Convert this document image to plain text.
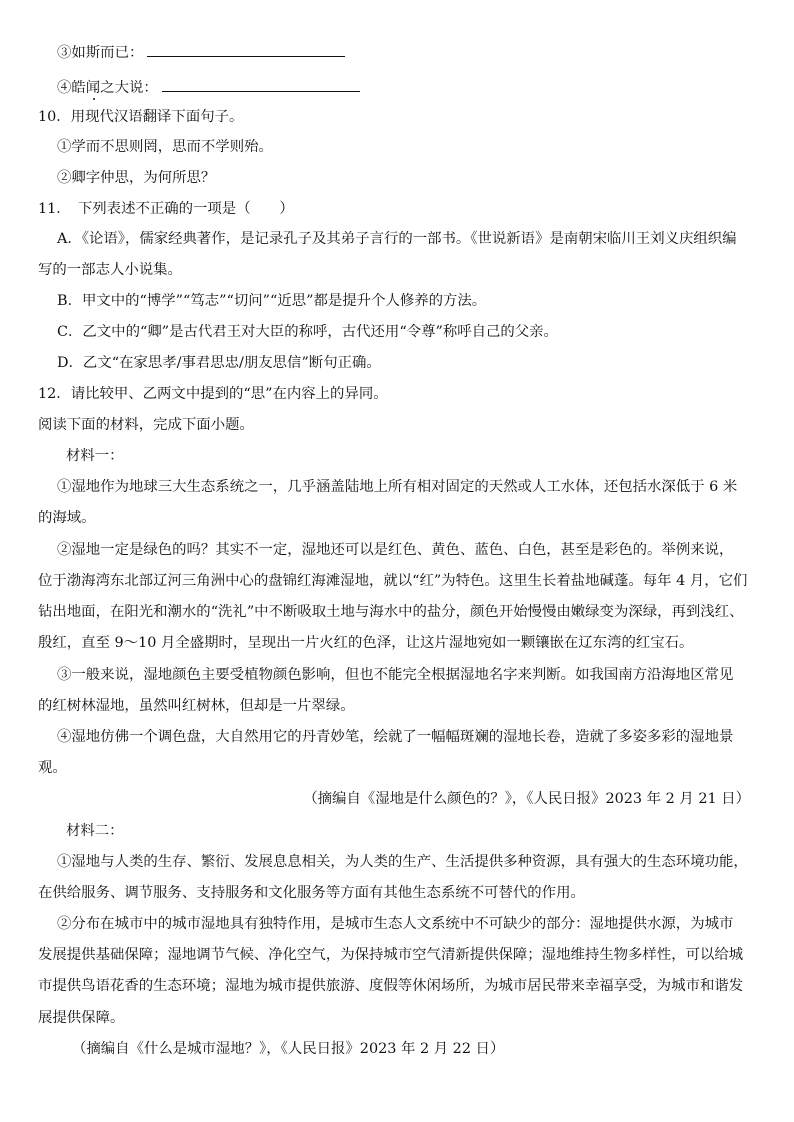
③如斯而已：
④皓闻之大说：
10．用现代汉语翻译下面句子。
①学而不思则罔，思而不学则殆。
②卿字仲思，为何所思？
11．　下列表述不正确的一项是（　　）
A．《论语》，儒家经典著作，是记录孔子及其弟子言行的一部书。《世说新语》是南朝宋临川王刘义庆组织编
写的一部志人小说集。
B．甲文中的“博学”“笃志”“切问”“近思”都是提升个人修养的方法。
C．乙文中的“卿”是古代君王对大臣的称呼，古代还用“令尊”称呼自己的父亲。
D．乙文“在家思孝/事君思忠/朋友思信”断句正确。
12．请比较甲、乙两文中提到的“思”在内容上的异同。
阅读下面的材料，完成下面小题。
材料一：
①湿地作为地球三大生态系统之一，几乎涵盖陆地上所有相对固定的天然或人工水体，还包括水深低于 6 米
的海域。
②湿地一定是绿色的吗？其实不一定，湿地还可以是红色、黄色、蓝色、白色，甚至是彩色的。举例来说，
位于渤海湾东北部辽河三角洲中心的盘锦红海滩湿地，就以“红”为特色。这里生长着盐地碱蓬。每年 4 月，它们
钻出地面，在阳光和潮水的“洗礼”中不断吸取土地与海水中的盐分，颜色开始慢慢由嫩绿变为深绿，再到浅红、
殷红，直至 9～10 月全盛期时，呈现出一片火红的色泽，让这片湿地宛如一颗镶嵌在辽东湾的红宝石。
③一般来说，湿地颜色主要受植物颜色影响，但也不能完全根据湿地名字来判断。如我国南方沿海地区常见
的红树林湿地，虽然叫红树林，但却是一片翠绿。
④湿地仿佛一个调色盘，大自然用它的丹青妙笔，绘就了一幅幅斑斓的湿地长卷，造就了多姿多彩的湿地景
观。
（摘编自《湿地是什么颜色的？》，《人民日报》2023 年 2 月 21 日）
材料二：
①湿地与人类的生存、繁衍、发展息息相关，为人类的生产、生活提供多种资源，具有强大的生态环境功能，
在供给服务、调节服务、支持服务和文化服务等方面有其他生态系统不可替代的作用。
②分布在城市中的城市湿地具有独特作用，是城市生态人文系统中不可缺少的部分：湿地提供水源，为城市
发展提供基础保障；湿地调节气候、净化空气，为保持城市空气清新提供保障；湿地维持生物多样性，可以给城
市提供鸟语花香的生态环境；湿地为城市提供旅游、度假等休闲场所，为城市居民带来幸福享受，为城市和谐发
展提供保障。
（摘编自《什么是城市湿地？》，《人民日报》2023 年 2 月 22 日）
